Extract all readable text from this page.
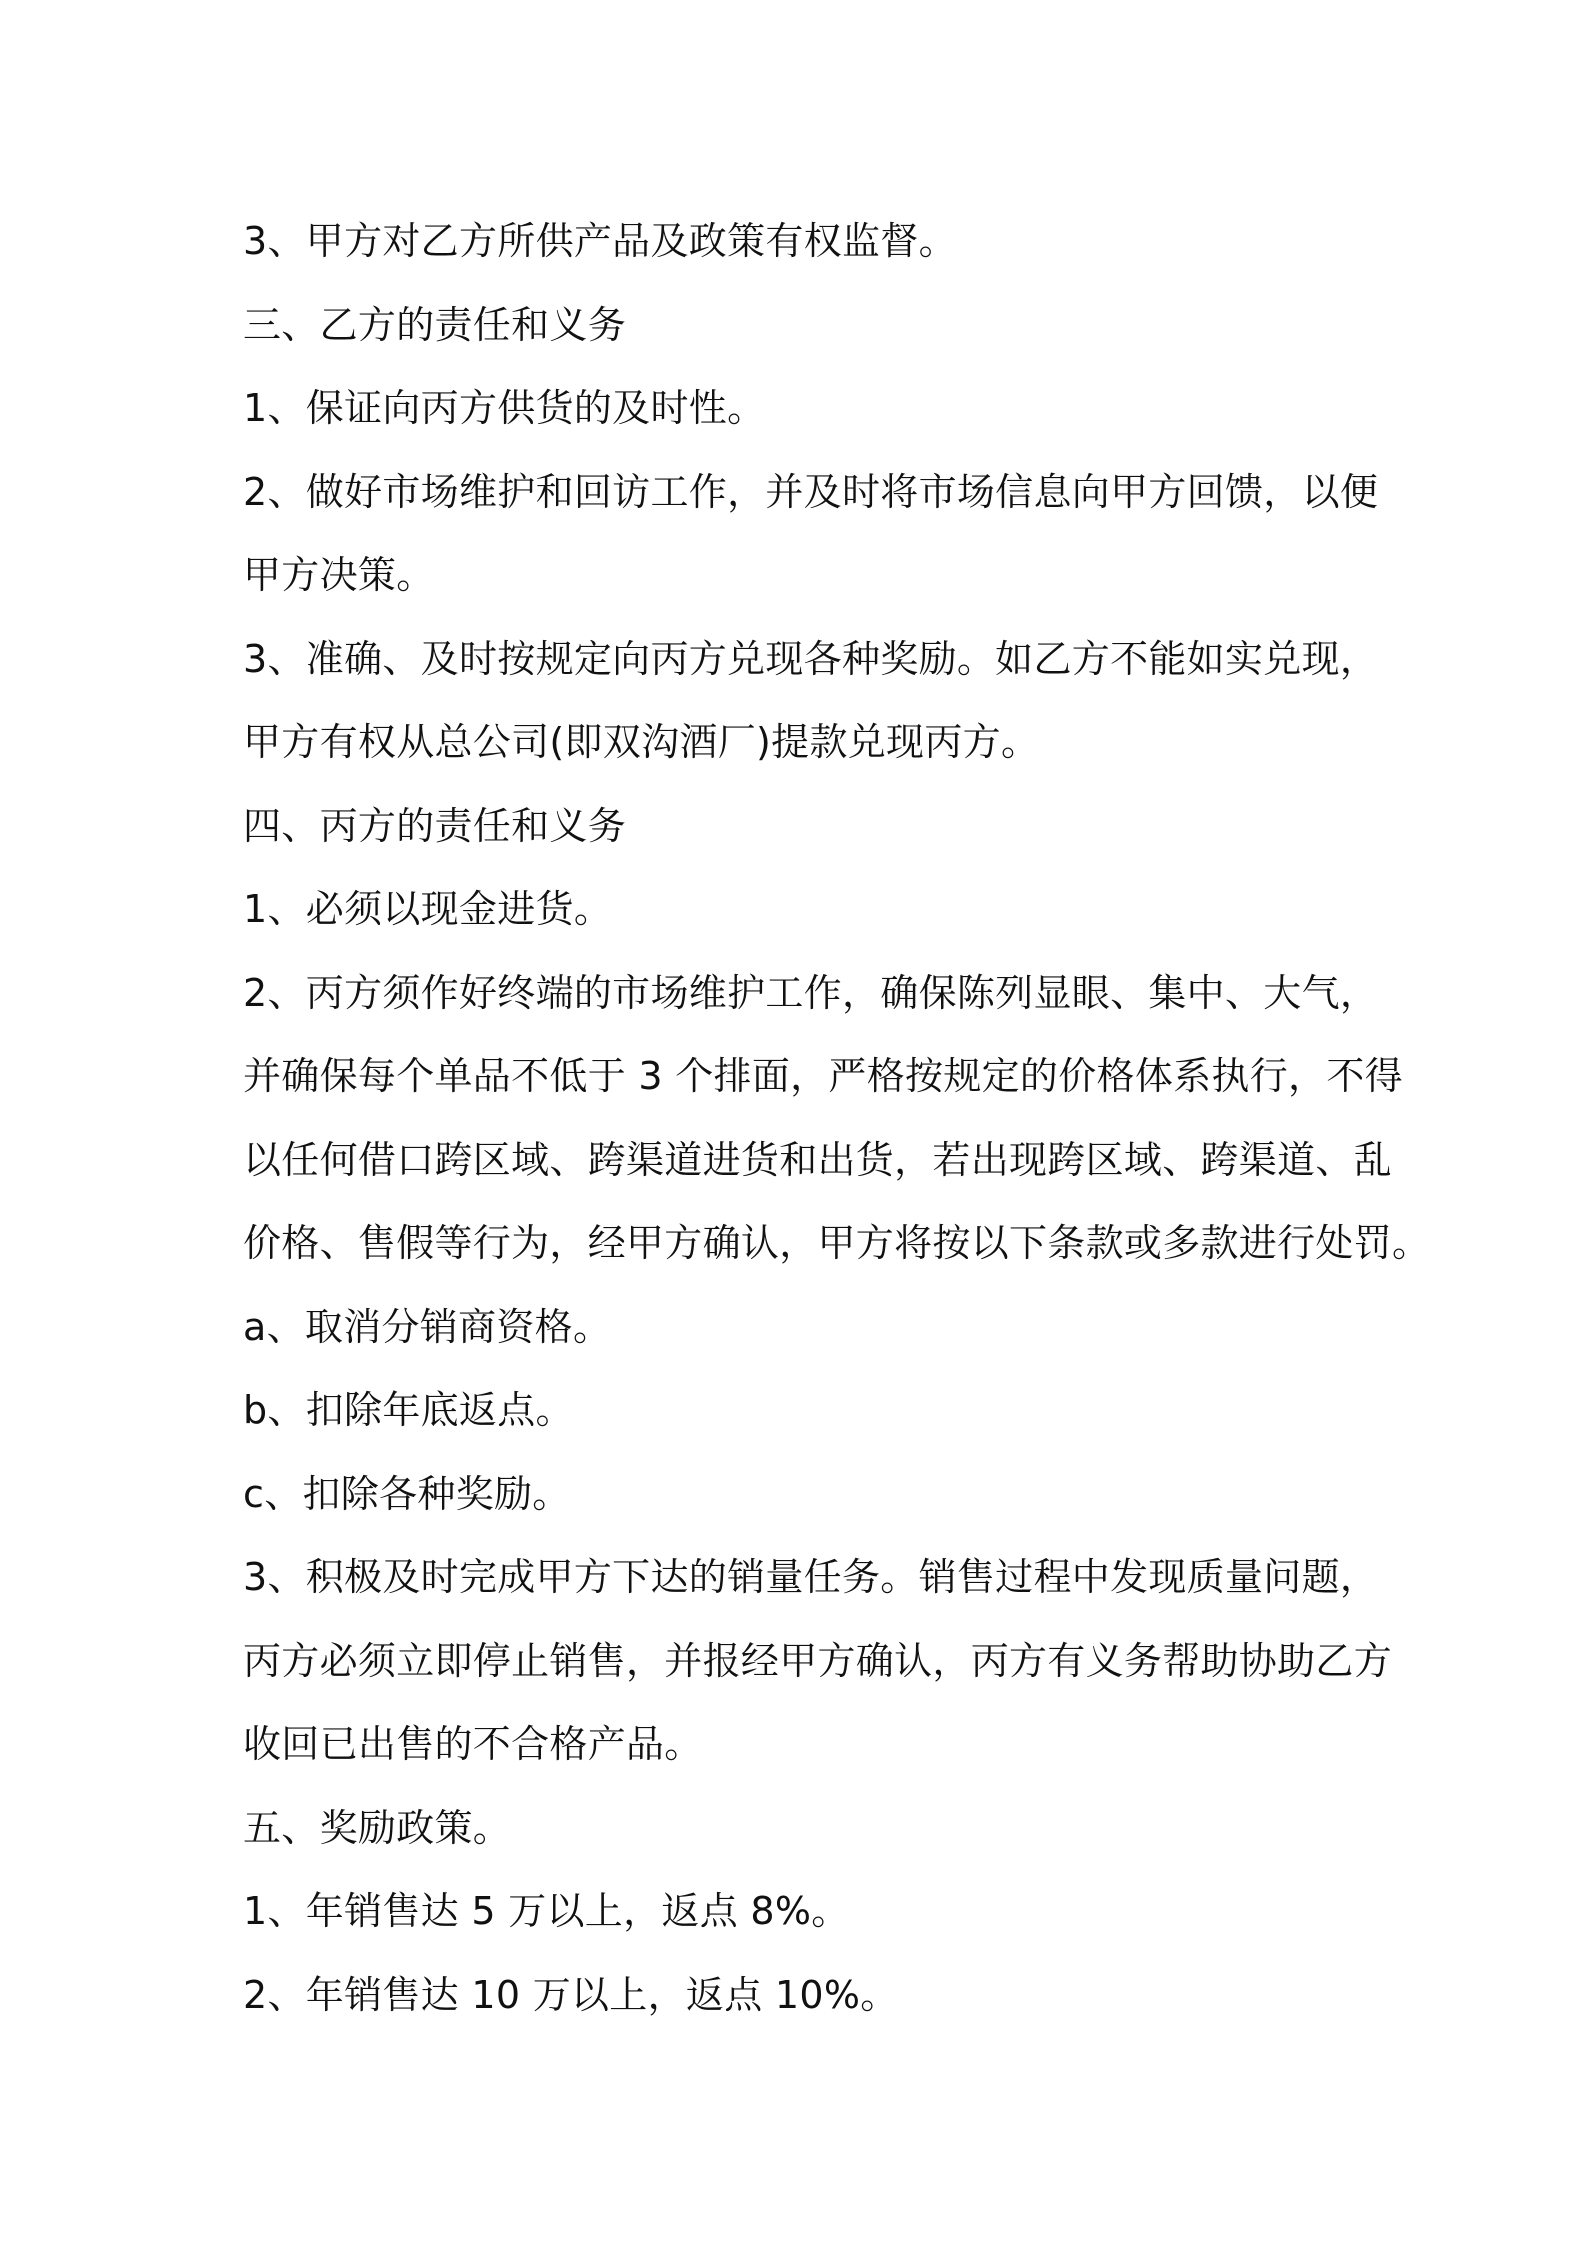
3、甲方对乙方所供产品及政策有权监督。

三、乙方的责任和义务

1、保证向丙方供货的及时性。

2、做好市场维护和回访工作，并及时将市场信息向甲方回馈，以便

甲方决策。

3、准确、及时按规定向丙方兑现各种奖励。如乙方不能如实兑现，

甲方有权从总公司(即双沟酒厂)提款兑现丙方。

四、丙方的责任和义务

1、必须以现金进货。

2、丙方须作好终端的市场维护工作，确保陈列显眼、集中、大气，

并确保每个单品不低于 3 个排面，严格按规定的价格体系执行，不得

以任何借口跨区域、跨渠道进货和出货，若出现跨区域、跨渠道、乱

价格、售假等行为，经甲方确认，甲方将按以下条款或多款进行处罚。

a、取消分销商资格。

b、扣除年底返点。

c、扣除各种奖励。

3、积极及时完成甲方下达的销量任务。销售过程中发现质量问题，

丙方必须立即停止销售，并报经甲方确认，丙方有义务帮助协助乙方

收回已出售的不合格产品。

五、奖励政策。

1、年销售达 5 万以上，返点 8%。

2、年销售达 10 万以上，返点 10%。
